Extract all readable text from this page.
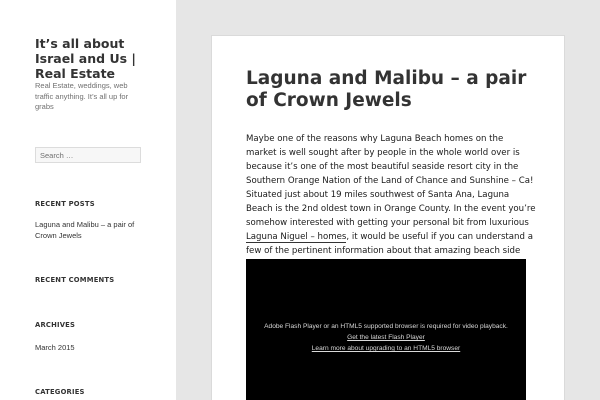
It’s all about Israel and Us | Real Estate
Real Estate, weddings, web traffic anything. It’s all up for grabs
Search …
RECENT POSTS
Laguna and Malibu – a pair of Crown Jewels
RECENT COMMENTS
ARCHIVES
March 2015
CATEGORIES
Laguna and Malibu – a pair of Crown Jewels
Maybe one of the reasons why Laguna Beach homes on the market is well sought after by people in the whole world over is because it’s one of the most beautiful seaside resort city in the Southern Orange Nation of the Land of Chance and Sunshine – Ca! Situated just about 19 miles southwest of Santa Ana, Laguna Beach is the 2nd oldest town in Orange County. In the event you’re somehow interested with getting your personal bit from luxurious Laguna Niguel – homes, it would be useful if you can understand a few of the pertinent information about that amazing beach side
Adobe Flash Player or an HTML5 supported browser is required for video playback.
Get the latest Flash Player
Learn more about upgrading to an HTML5 browser
